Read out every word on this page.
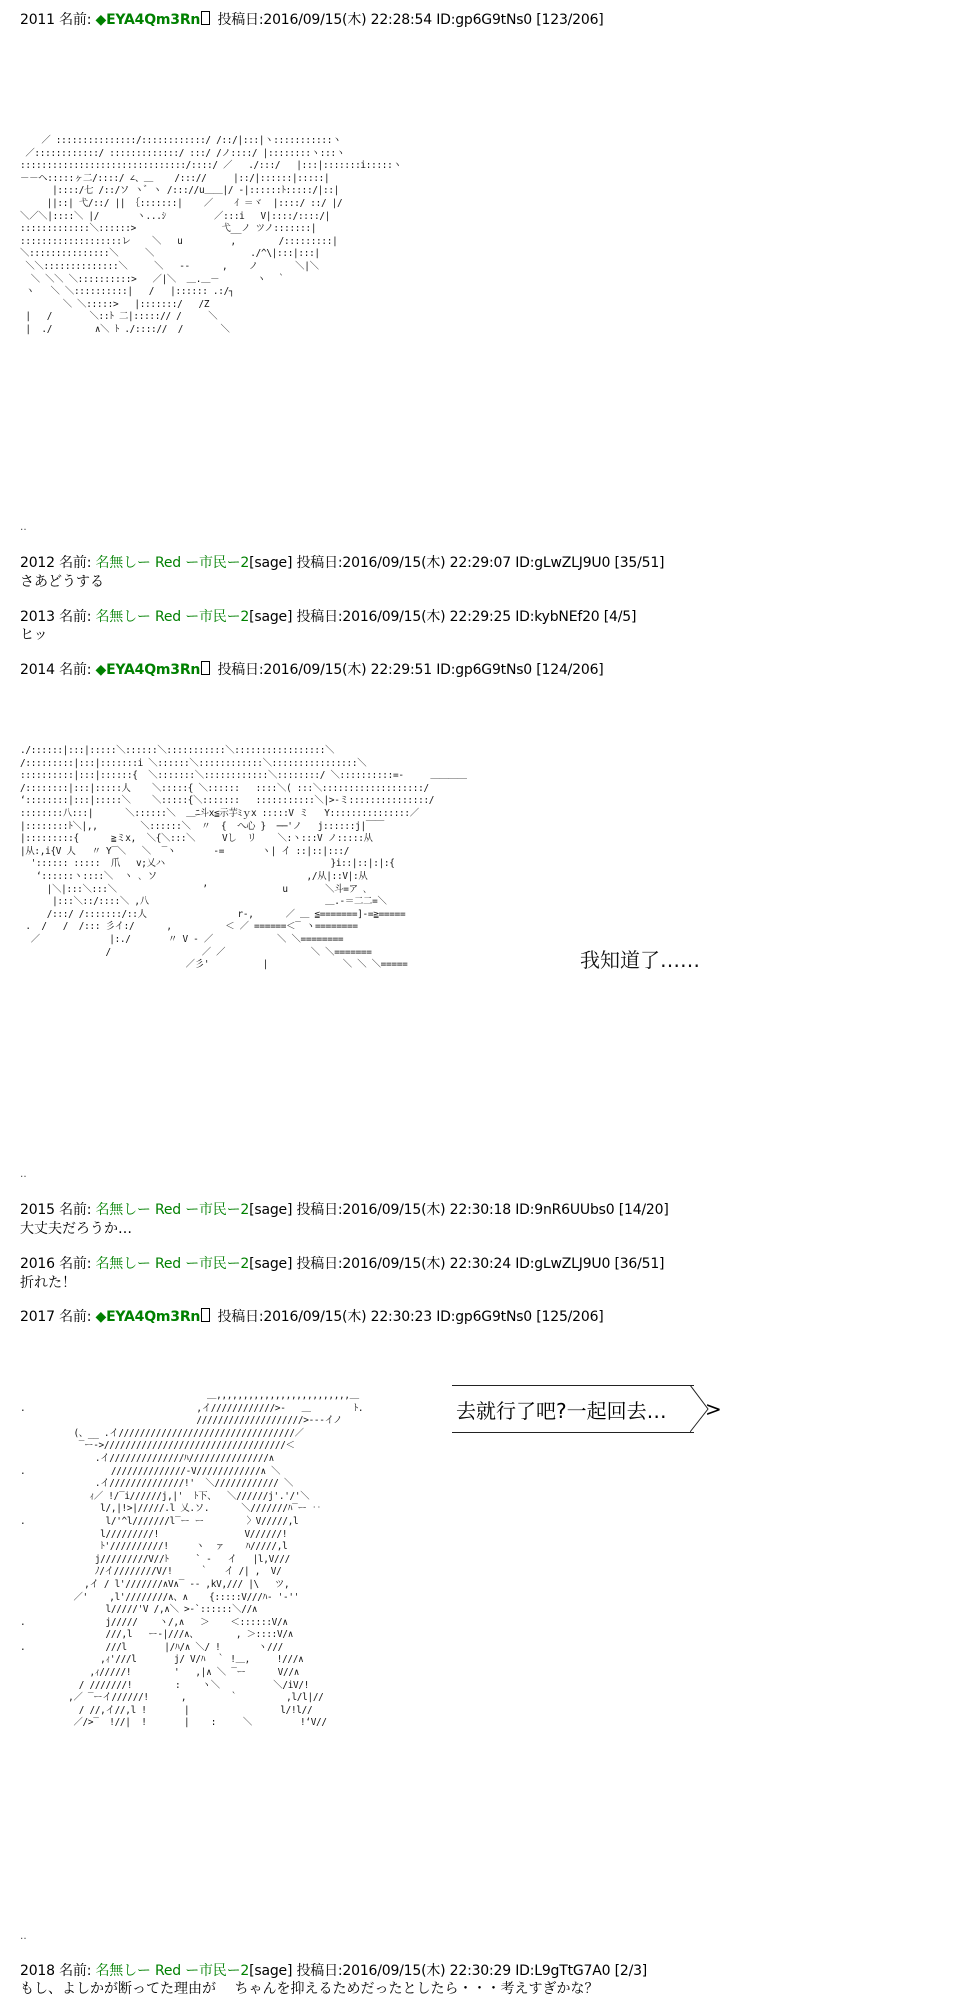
2011 名前: ◆EYA4Qm3Rn 投稿日:2016/09/15(木) 22:28:54 ID:gp6G9tNs0 [123/206]
／ :::::::::::::::/::::::::::::/ /::/|:::|ヽ:::::::::::ヽ
／::::::::::::/ :::::::::::::/ :::/ /ノ::::/ |::::::::ヽ:::ヽ
:::::::::::::::::::::::::::::::/::::/ ／   ./:::/   |:::|:::::::i:::::ヽ
－－ヘ:::::ヶ二/::::/ ∠、＿    /::://     |::/|::::::|:::::|
|::::/七 /::/ソ ヽ゛ヽ /::://u＿＿|/ -|::::::ﾄ:::::/|::|
||::| 弋/::/ || ｛:::::::|    ／    ｲ ＝ヾ  |::::/ ::/ |/
＼／＼|::::＼ |/       ヽ...ｼ         ／:::i   V|::::/::::/|
:::::::::::::＼::::::>                弋__ノ ツノ:::::::|
:::::::::::::::::::レ    ＼   u         ,        /:::::::::|
＼:::::::::::::::＼     ＼                  ./^\|:::|:::|
＼＼::::::::::::::＼     ＼   ‐‐      ,    ノ       ＼|＼
＼ ＼＼ ＼::::::::::>   ／|＼  ＿.＿－       ヽ  ｀
ヽ   ＼ ＼::::::::::|   /   |:::::: .:/┐
＼ ＼:::::>   |:::::::/   /Z
|   /       ＼::ﾄ 二|:::::// /     ＼
|  ./        ∧＼ ﾄ ./:::://  /       ＼
‥
2012 名前: 名無しー Red ー市民ー2[sage] 投稿日:2016/09/15(木) 22:29:07 ID:gLwZLJ9U0 [35/51]
さあどうする
2013 名前: 名無しー Red ー市民ー2[sage] 投稿日:2016/09/15(木) 22:29:25 ID:kybNEf20 [4/5]
ヒッ
2014 名前: ◆EYA4Qm3Rn 投稿日:2016/09/15(木) 22:29:51 ID:gp6G9tNs0 [124/206]
./::::::|:::|:::::＼::::::＼:::::::::::＼:::::::::::::::::＼
/:::::::::|:::|:::::::i ＼::::::＼::::::::::::＼::::::::::::::::＼
::::::::::|:::|::::::{  ＼:::::::＼::::::::::::＼::::::::/ ＼::::::::::=-     ＿＿＿＿
/::::::::|:::|:::::人    ＼:::::{ ＼::::::   ::::＼( :::＼:::::::::::::::::::/
‘::::::::|:::|:::::＼    ＼:::::{＼:::::::   :::::::::::＼|>-ミ:::::::::::::::/
::::::::八:::|      ＼::::::＼  ＿ﾆ斗x≦示芋ﾐｙx :::::V ミ   Y:::::::::::::::／
|::::::::ﾄ＼|,,        ＼::::::＼  〃  {  へ心 }  ──'ノ   j::::::j|￣￣
|:::::::::{      ≧ミx,  ＼{＼:::＼     Vし  リ    ＼:ヽ:::V ノ:::::从
|从:,i{V 人   〃 Y‾＼   ＼  ‾ヽ       -=       ヽ| イ ::|::|:::/
':::::: :::::  爪   v;乂ハ                               }i::|::|:|:{
‘::::::ヽ::::＼  ヽ ､ ソ                            ,/从|::V|:从
|＼|:::＼:::＼                ’              u       ＼斗=ア ､
|:::＼::/::::＼ ,八                                 ＿.-＝二二=＼
/:::/ /:::::::/::人                 r‐,      ／ ＿ ≦=======]-=≧=====
.  /   /  /::: 彡イ:/      ,          ＜ ／ ======＜‾ ヽ========
／             |:./       〃 V ‐ ／            ＼ ＼========
/                 ／ ／                ＼ ＼=======
／彡'          |              ＼ ＼ ＼=====	我知道了……
‥
2015 名前: 名無しー Red ー市民ー2[sage] 投稿日:2016/09/15(木) 22:30:18 ID:9nR6UUbs0 [14/20]
大丈夫だろうか…
2016 名前: 名無しー Red ー市民ー2[sage] 投稿日:2016/09/15(木) 22:30:24 ID:gLwZLJ9U0 [36/51]
折れた！
2017 名前: ◆EYA4Qm3Rn 投稿日:2016/09/15(木) 22:30:23 ID:gp6G9tNs0 [125/206]
＿,,,,,,,,,,,,,,,,,,,,,,,,,＿
.                                ,イ////////////>-   ＿        ﾄ.
////////////////////>---イノ
(、__ .イ/////////////////////////////////／
‾ー->//////////////////////////////////＜
.イ//////////////ﾊ///////////////∧
.                //////////////‐V////////////∧ ＼
.イ//////////////!'  ＼//////////// ＼
ｨ／ !/‾i//////j,|'  ﾄ下、  ＼//////j'.'/'＼
l/,|!>|/////.l 乂.ソ.      ＼///////ﾊ‾ー ‥
.               l/'^l///////l‾ー ー        〉V/////,l
l/////////!                V//////!
ﾄ'//////////!     ヽ  ァ    ﾊ/////,l
j/////////V//ﾄ     ` -   イ   |l,V///
ﾉ/イ////////V/!     ｀   イ /| ,  V/
,イ / l'///////∧V∧‾ ‐‐ ,kV,/// |\   ツ,
／'    ,l'////////∧、∧    {:::::V///ﾊ‐ '‐''
l/////'V /,∧＼ >‐`::::::＼//∧
.               j/////    ヽ/,∧   ＞    ＜::::::V/∧
///,l   ー-|///∧、       , ＞::::V/∧
.               ///l       |/ﾊ/∧ ＼/ !       ヽ///
,ｨ'///l       j/ V/ﾊ  ｀ !＿,     !///∧
,ｨ/////!        '   ,|∧ ＼ ‾ー      V//∧
/ ///////!        :    ヽ＼          ＼/iV/!
,／ ‾ーイ//////!      ,        ｀         ,l/l|//
/ //,イ//,l !       |                 l/!l//
／/>‾  !//|  !       |    :     ＼         !‘V//
去就行了吧?一起回去… >
‥
2018 名前: 名無しー Red ー市民ー2[sage] 投稿日:2016/09/15(木) 22:30:29 ID:L9gTtG7A0 [2/3]
もし、よしかが断ってた理由が　 ちゃんを抑えるためだったとしたら・・・考えすぎかな？
